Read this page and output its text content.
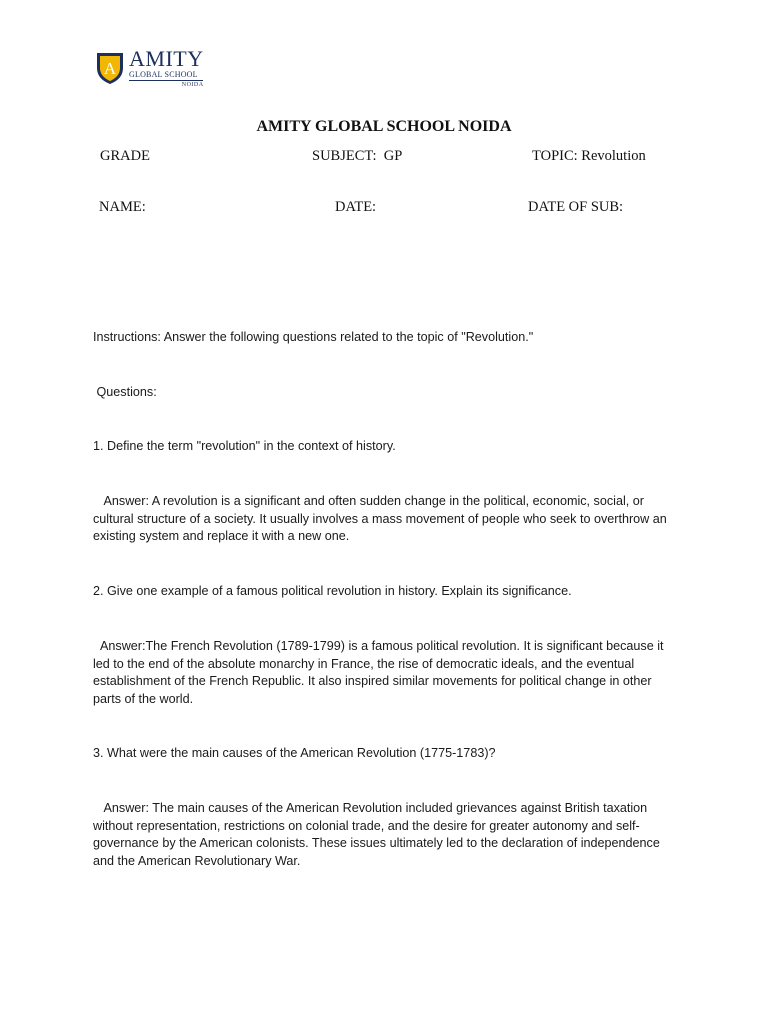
A AMITY
GLOBAL SCHOOL
NOIDA
AMITY GLOBAL SCHOOL NOIDA
GRADE	SUBJECT:  GP	TOPIC: Revolution
NAME:	DATE:	DATE OF SUB:
Instructions: Answer the following questions related to the topic of "Revolution."
Questions:
1. Define the term "revolution" in the context of history.
Answer: A revolution is a significant and often sudden change in the political, economic, social, or cultural structure of a society. It usually involves a mass movement of people who seek to overthrow an existing system and replace it with a new one.
2. Give one example of a famous political revolution in history. Explain its significance.
Answer:The French Revolution (1789-1799) is a famous political revolution. It is significant because it led to the end of the absolute monarchy in France, the rise of democratic ideals, and the eventual establishment of the French Republic. It also inspired similar movements for political change in other parts of the world.
3. What were the main causes of the American Revolution (1775-1783)?
Answer: The main causes of the American Revolution included grievances against British taxation without representation, restrictions on colonial trade, and the desire for greater autonomy and self-governance by the American colonists. These issues ultimately led to the declaration of independence and the American Revolutionary War.
